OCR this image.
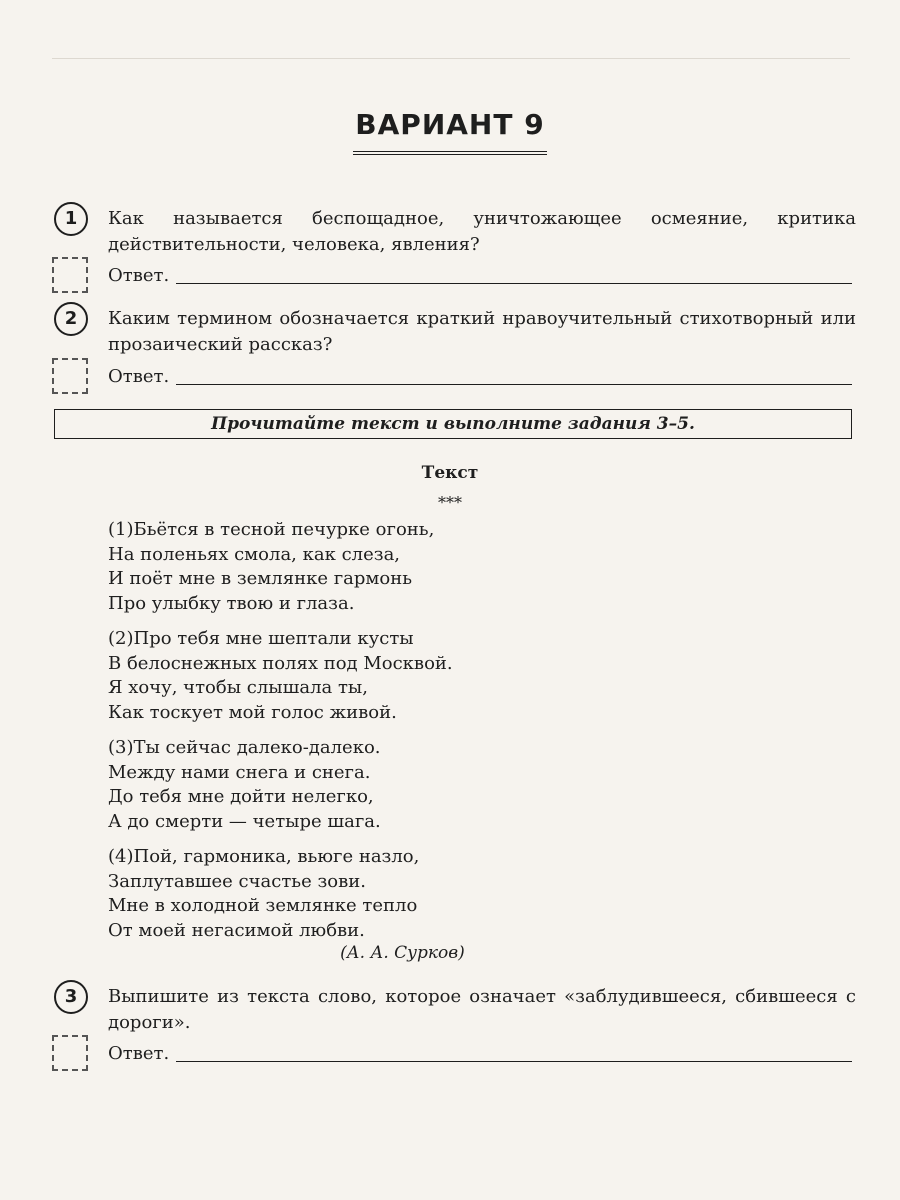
ВАРИАНТ 9
1	Как называется беспощадное, уничтожающее осмеяние, критика действительности, человека, явления?
Ответ.
2	Каким термином обозначается краткий нравоучительный стихотворный или прозаический рассказ?
Ответ.
Прочитайте текст и выполните задания 3–5.
Текст
***
(1)Бьётся в тесной печурке огонь,
На поленьях смола, как слеза,
И поёт мне в землянке гармонь
Про улыбку твою и глаза.
(2)Про тебя мне шептали кусты
В белоснежных полях под Москвой.
Я хочу, чтобы слышала ты,
Как тоскует мой голос живой.
(3)Ты сейчас далеко-далеко.
Между нами снега и снега.
До тебя мне дойти нелегко,
А до смерти — четыре шага.
(4)Пой, гармоника, вьюге назло,
Заплутавшее счастье зови.
Мне в холодной землянке тепло
От моей негасимой любви.
(А. А. Сурков)
3	Выпишите из текста слово, которое означает «заблудившееся, сбившееся с дороги».
Ответ.
